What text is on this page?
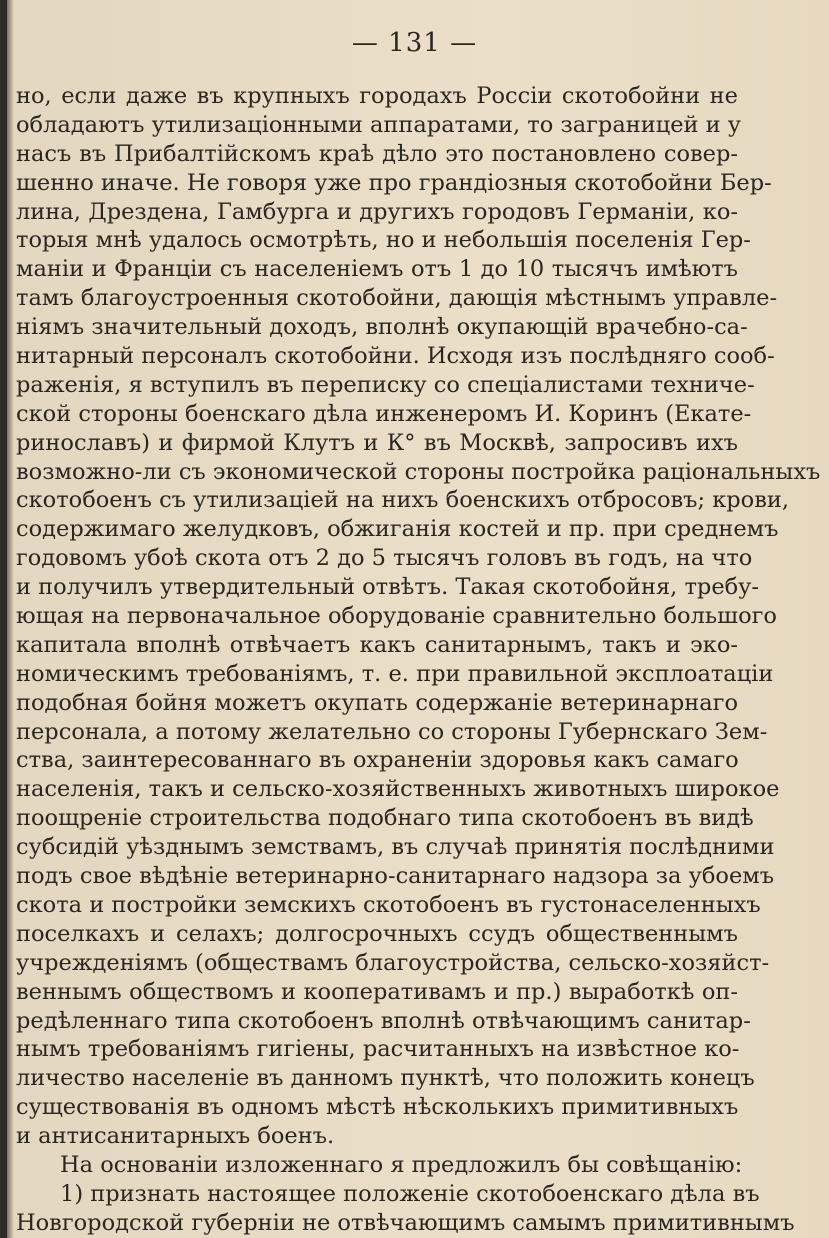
— 131 —
но, если даже въ крупныхъ городахъ Россiи скотобойни не
обладаютъ утилизацiонными аппаратами, то заграницей и у
насъ въ Прибалтiйскомъ краѣ дѣло это постановлено совер-
шенно иначе. Не говоря уже про грандiозныя скотобойни Бер-
лина, Дрездена, Гамбурга и другихъ городовъ Германiи, ко-
торыя мнѣ удалось осмотрѣть, но и небольшiя поселенiя Гер-
манiи и Францiи съ населенiемъ отъ 1 до 10 тысячъ имѣютъ
тамъ благоустроенныя скотобойни, дающiя мѣстнымъ управле-
нiямъ значительный доходъ, вполнѣ окупающiй врачебно-са-
нитарный персоналъ скотобойни. Исходя изъ послѣдняго сооб-
раженiя, я вступилъ въ переписку со спецiалистами техниче-
ской стороны боенскаго дѣла инженеромъ И. Коринъ (Екате-
ринославъ) и фирмой Клутъ и К° въ Москвѣ, запросивъ ихъ
возможно-ли съ экономической стороны постройка рацiональныхъ
скотобоенъ съ утилизацiей на нихъ боенскихъ отбросовъ; крови,
содержимаго желудковъ, обжиганiя костей и пр. при среднемъ
годовомъ убоѣ скота отъ 2 до 5 тысячъ головъ въ годъ, на что
и получилъ утвердительный отвѣтъ. Такая скотобойня, требу-
ющая на первоначальное оборудованiе сравнительно большого
капитала вполнѣ отвѣчаетъ какъ санитарнымъ, такъ и эко-
номическимъ требованiямъ, т. е. при правильной эксплоатацiи
подобная бойня можетъ окупать содержанiе ветеринарнаго
персонала, а потому желательно со стороны Губернскаго Зем-
ства, заинтересованнаго въ охраненiи здоровья какъ самаго
населенiя, такъ и сельско-хозяйственныхъ животныхъ широкое
поощренiе строительства подобнаго типа скотобоенъ въ видѣ
субсидiй уѣзднымъ земствамъ, въ случаѣ принятiя послѣдними
подъ свое вѣдѣнiе ветеринарно-санитарнаго надзора за убоемъ
скота и постройки земскихъ скотобоенъ въ густонаселенныхъ
поселкахъ и селахъ; долгосрочныхъ ссудъ общественнымъ
учрежденiямъ (обществамъ благоустройства, сельско-хозяйст-
веннымъ обществомъ и кооперативамъ и пр.) выработкѣ оп-
редѣленнаго типа скотобоенъ вполнѣ отвѣчающимъ санитар-
нымъ требованiямъ гигiены, расчитанныхъ на извѣстное ко-
личество населенiе въ данномъ пунктѣ, что положить конецъ
существованiя въ одномъ мѣстѣ нѣсколькихъ примитивныхъ
и антисанитарныхъ боенъ.
На основанiи изложеннаго я предложилъ бы совѣщанiю:
1) признать настоящее положенiе скотобоенскаго дѣла въ
Новгородской губернiи не отвѣчающимъ самымъ примитивнымъ
